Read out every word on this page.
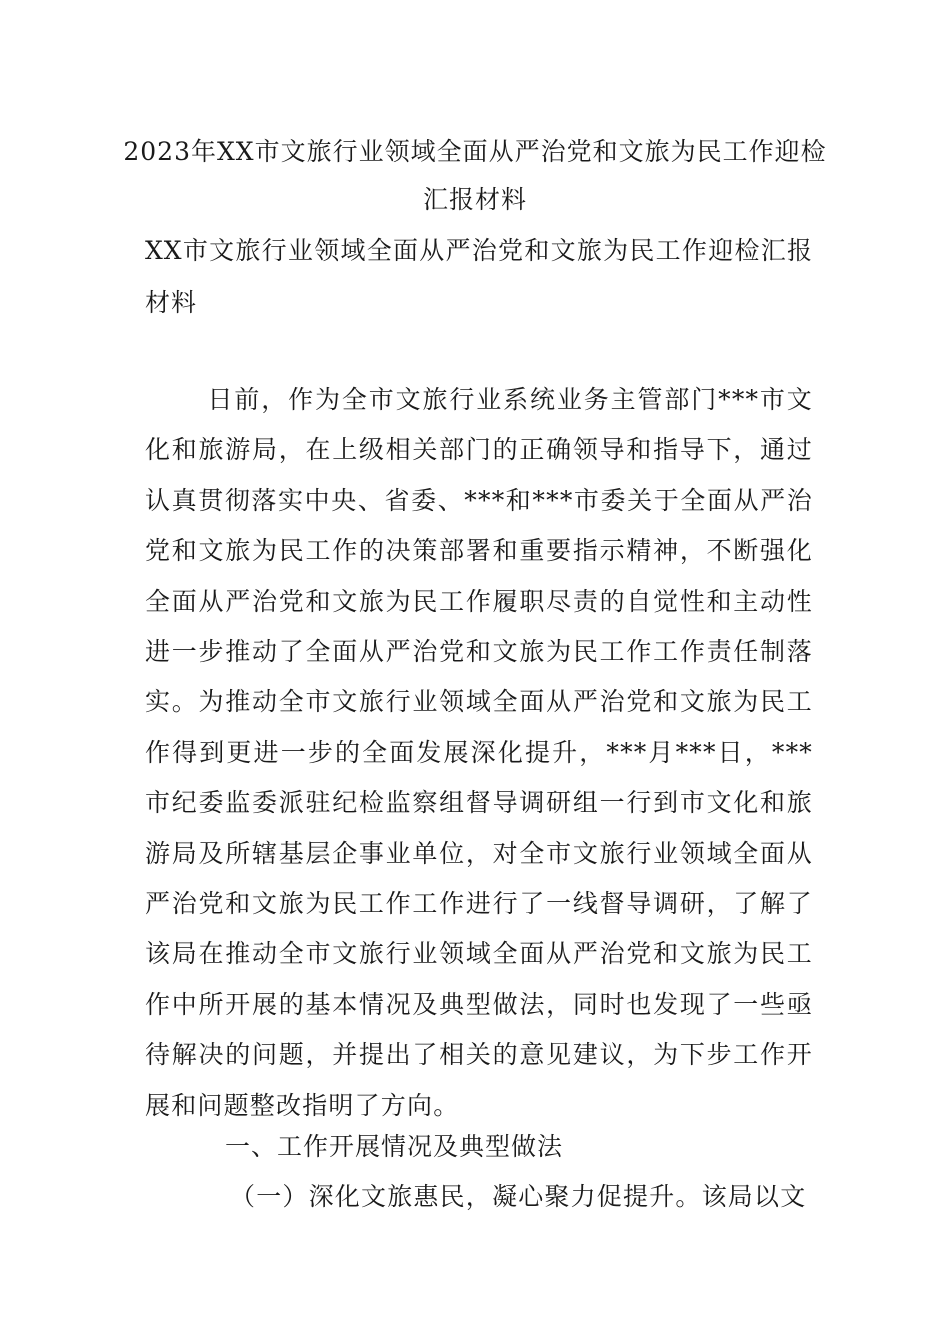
2023年XX市文旅行业领域全面从严治党和文旅为民工作迎检汇报材料
XX市文旅行业领域全面从严治党和文旅为民工作迎检汇报材料
日前，作为全市文旅行业系统业务主管部门***市文化和旅游局，在上级相关部门的正确领导和指导下，通过认真贯彻落实中央、省委、***和***市委关于全面从严治党和文旅为民工作的决策部署和重要指示精神，不断强化全面从严治党和文旅为民工作履职尽责的自觉性和主动性进一步推动了全面从严治党和文旅为民工作工作责任制落实。为推动全市文旅行业领域全面从严治党和文旅为民工作得到更进一步的全面发展深化提升，***月***日，***市纪委监委派驻纪检监察组督导调研组一行到市文化和旅游局及所辖基层企事业单位，对全市文旅行业领域全面从严治党和文旅为民工作工作进行了一线督导调研，了解了该局在推动全市文旅行业领域全面从严治党和文旅为民工作中所开展的基本情况及典型做法，同时也发现了一些亟待解决的问题，并提出了相关的意见建议，为下步工作开展和问题整改指明了方向。
一、工作开展情况及典型做法
（一）深化文旅惠民，凝心聚力促提升。该局以文
